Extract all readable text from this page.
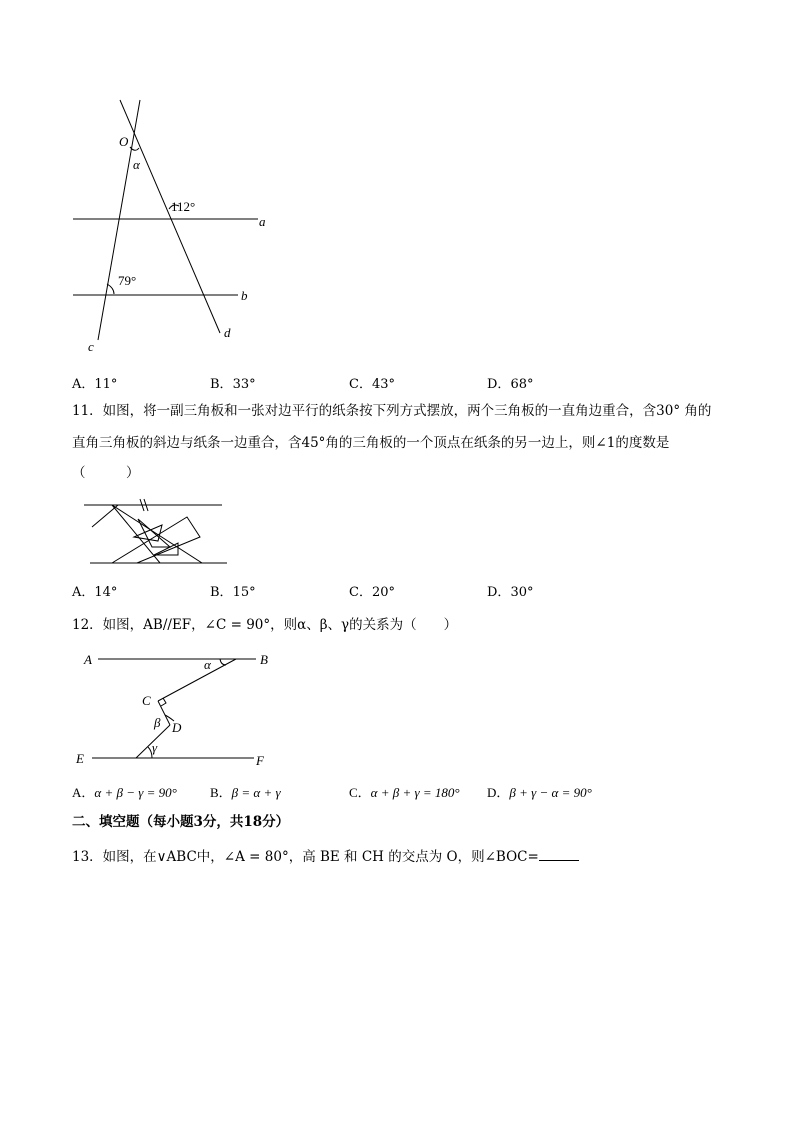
O
α
112°
a
79°
b
c
d
A．11°	B．33°	C．43°	D．68°
11．如图，将一副三角板和一张对边平行的纸条按下列方式摆放，两个三角板的一直角边重合，含30° 角的
直角三角板的斜边与纸条一边重合，含45°角的三角板的一个顶点在纸条的另一边上，则∠1的度数是
（　　　）
A．14°	B．15°	C．20°	D．30°
12．如图，AB//EF，∠C = 90°，则α、β、γ的关系为（　　）
A	B
α
C
β D
γ
E	F
A．α + β − γ = 90°	B．β = α + γ	C．α + β + γ = 180° D．β + γ − α = 90°
二、填空题（每小题3分，共18分）
13．如图，在∨ABC中，∠A = 80°，高 BE 和 CH 的交点为 O，则∠BOC=
